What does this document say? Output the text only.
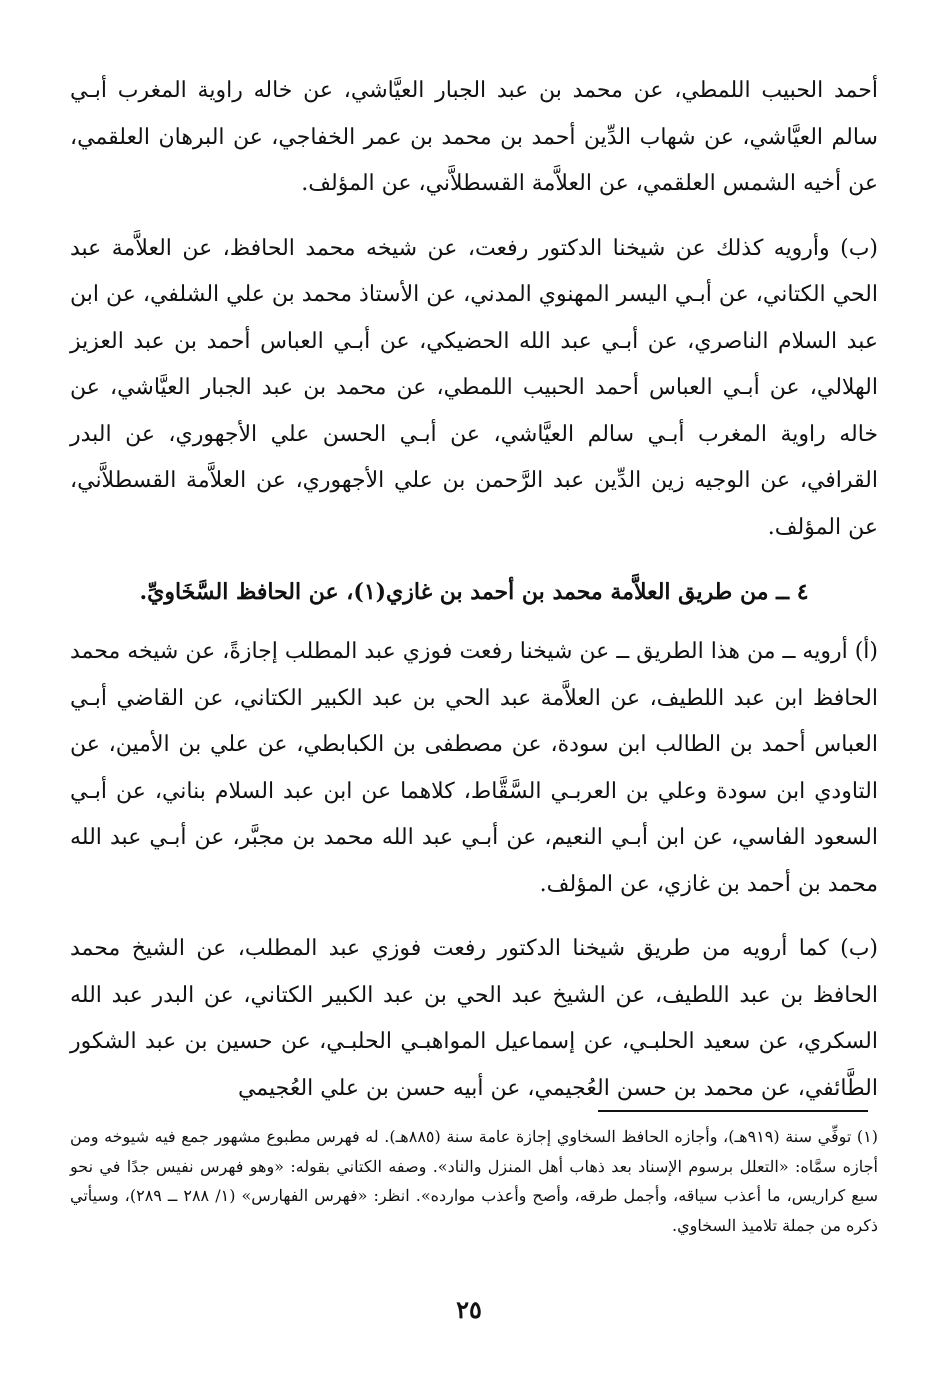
أحمد الحبيب اللمطي، عن محمد بن عبد الجبار العيَّاشي، عن خاله راوية المغرب أبـي سالم العيَّاشي، عن شهاب الدِّين أحمد بن محمد بن عمر الخفاجي، عن البرهان العلقمي، عن أخيه الشمس العلقمي، عن العلاَّمة القسطلاَّني، عن المؤلف.

(ب) وأرويه كذلك عن شيخنا الدكتور رفعت، عن شيخه محمد الحافظ، عن العلاَّمة عبد الحي الكتاني، عن أبـي اليسر المهنوي المدني، عن الأستاذ محمد بن علي الشلفي، عن ابن عبد السلام الناصري، عن أبـي عبد الله الحضيكي، عن أبـي العباس أحمد بن عبد العزيز الهلالي، عن أبـي العباس أحمد الحبيب اللمطي، عن محمد بن عبد الجبار العيَّاشي، عن خاله راوية المغرب أبـي سالم العيَّاشي، عن أبـي الحسن علي الأجهوري، عن البدر القرافي، عن الوجيه زين الدِّين عبد الرَّحمن بن علي الأجهوري، عن العلاَّمة القسطلاَّني، عن المؤلف.

٤ ــ من طريق العلاَّمة محمد بن أحمد بن غازي(١)، عن الحافظ السَّخَاويِّ.

(أ) أرويه ــ من هذا الطريق ــ عن شيخنا رفعت فوزي عبد المطلب إجازةً، عن شيخه محمد الحافظ ابن عبد اللطيف، عن العلاَّمة عبد الحي بن عبد الكبير الكتاني، عن القاضي أبـي العباس أحمد بن الطالب ابن سودة، عن مصطفى بن الكبابطي، عن علي بن الأمين، عن التاودي ابن سودة وعلي بن العربـي السَّقَّاط، كلاهما عن ابن عبد السلام بناني، عن أبـي السعود الفاسي، عن ابن أبـي النعيم، عن أبـي عبد الله محمد بن مجبَّر، عن أبـي عبد الله محمد بن أحمد بن غازي، عن المؤلف.

(ب) كما أرويه من طريق شيخنا الدكتور رفعت فوزي عبد المطلب، عن الشيخ محمد الحافظ بن عبد اللطيف، عن الشيخ عبد الحي بن عبد الكبير الكتاني، عن البدر عبد الله السكري، عن سعيد الحلبـي، عن إسماعيل المواهبـي الحلبـي، عن حسين بن عبد الشكور الطَّائفي، عن محمد بن حسن العُجيمي، عن أبيه حسن بن علي العُجيمي

(١) توفِّي سنة (٩١٩هـ)، وأجازه الحافظ السخاوي إجازة عامة سنة (٨٨٥هـ). له فهرس مطبوع مشهور جمع فيه شيوخه ومن أجازه سمَّاه: «التعلل برسوم الإسناد بعد ذهاب أهل المنزل والناد». وصفه الكتاني بقوله: «وهو فهرس نفيس جدًا في نحو سبع كراريس، ما أعذب سياقه، وأجمل طرقه، وأصح وأعذب موارده». انظر: «فهرس الفهارس» (١/ ٢٨٨ ــ ٢٨٩)، وسيأتي ذكره من جملة تلاميذ السخاوي.

٢٥
